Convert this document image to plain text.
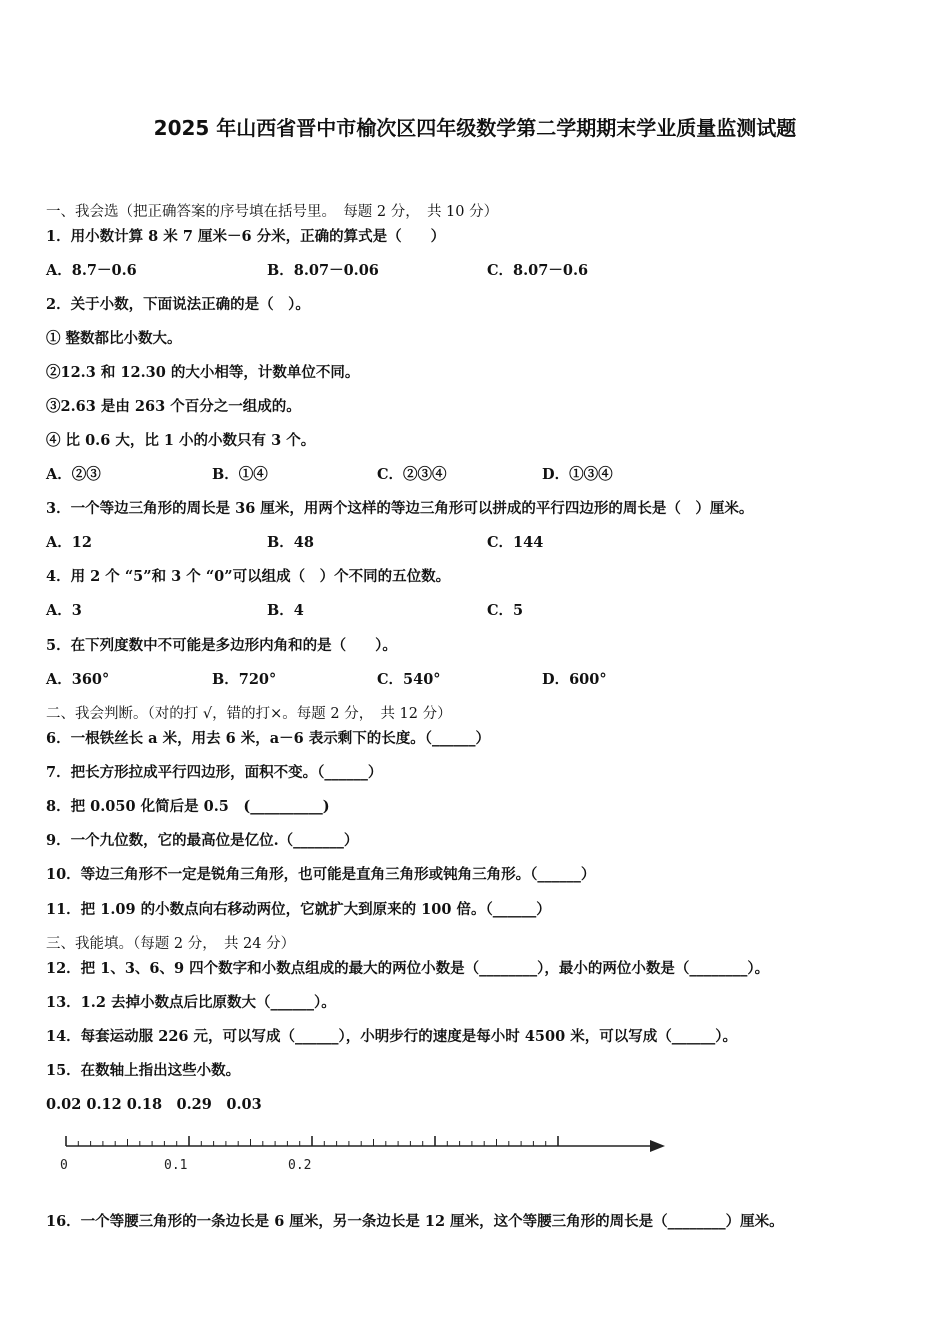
2025 年山西省晋中市榆次区四年级数学第二学期期末学业质量监测试题
一、我会选（把正确答案的序号填在括号里。　每题 2 分，　共 10 分）
1．用小数计算 8 米 7 厘米－6 分米，正确的算式是（　　）
A．8.7－0.6	B．8.07－0.06	C．8.07－0.6
2．关于小数，下面说法正确的是（　）。
① 整数都比小数大。
②12.3 和 12.30 的大小相等，计数单位不同。
③2.63 是由 263 个百分之一组成的。
④ 比 0.6 大，比 1 小的小数只有 3 个。
A．②③	B．①④	C．②③④	D．①③④
3．一个等边三角形的周长是 36 厘米，用两个这样的等边三角形可以拼成的平行四边形的周长是（　）厘米。
A．12	B．48	C．144
4．用 2 个 “5”和 3 个 “0”可以组成（　）个不同的五位数。
A．3	B．4	C．5
5．在下列度数中不可能是多边形内角和的是（　　）。
A．360°	B．720°	C．540°	D．600°
二、我会判断。（对的打 √，错的打×。每题 2 分，　共 12 分）
6．一根铁丝长 a 米，用去 6 米，a－6 表示剩下的长度。（______）
7．把长方形拉成平行四边形，面积不变。（______）
8．把 0.050 化简后是 0.5　(__________)
9．一个九位数，它的最高位是亿位.（_______）
10．等边三角形不一定是锐角三角形，也可能是直角三角形或钝角三角形。（______）
11．把 1.09 的小数点向右移动两位，它就扩大到原来的 100 倍。（______）
三、我能填。（每题 2 分，　共 24 分）
12．把 1、3、6、9 四个数字和小数点组成的最大的两位小数是（________），最小的两位小数是（________）。
13．1.2 去掉小数点后比原数大（______）。
14．每套运动服 226 元，可以写成（______），小明步行的速度是每小时 4500 米，可以写成（______）。
15．在数轴上指出这些小数。
0.02 0.12 0.18　0.29　0.03
0	0.1	0.2
16．一个等腰三角形的一条边长是 6 厘米，另一条边长是 12 厘米，这个等腰三角形的周长是（________）厘米。
